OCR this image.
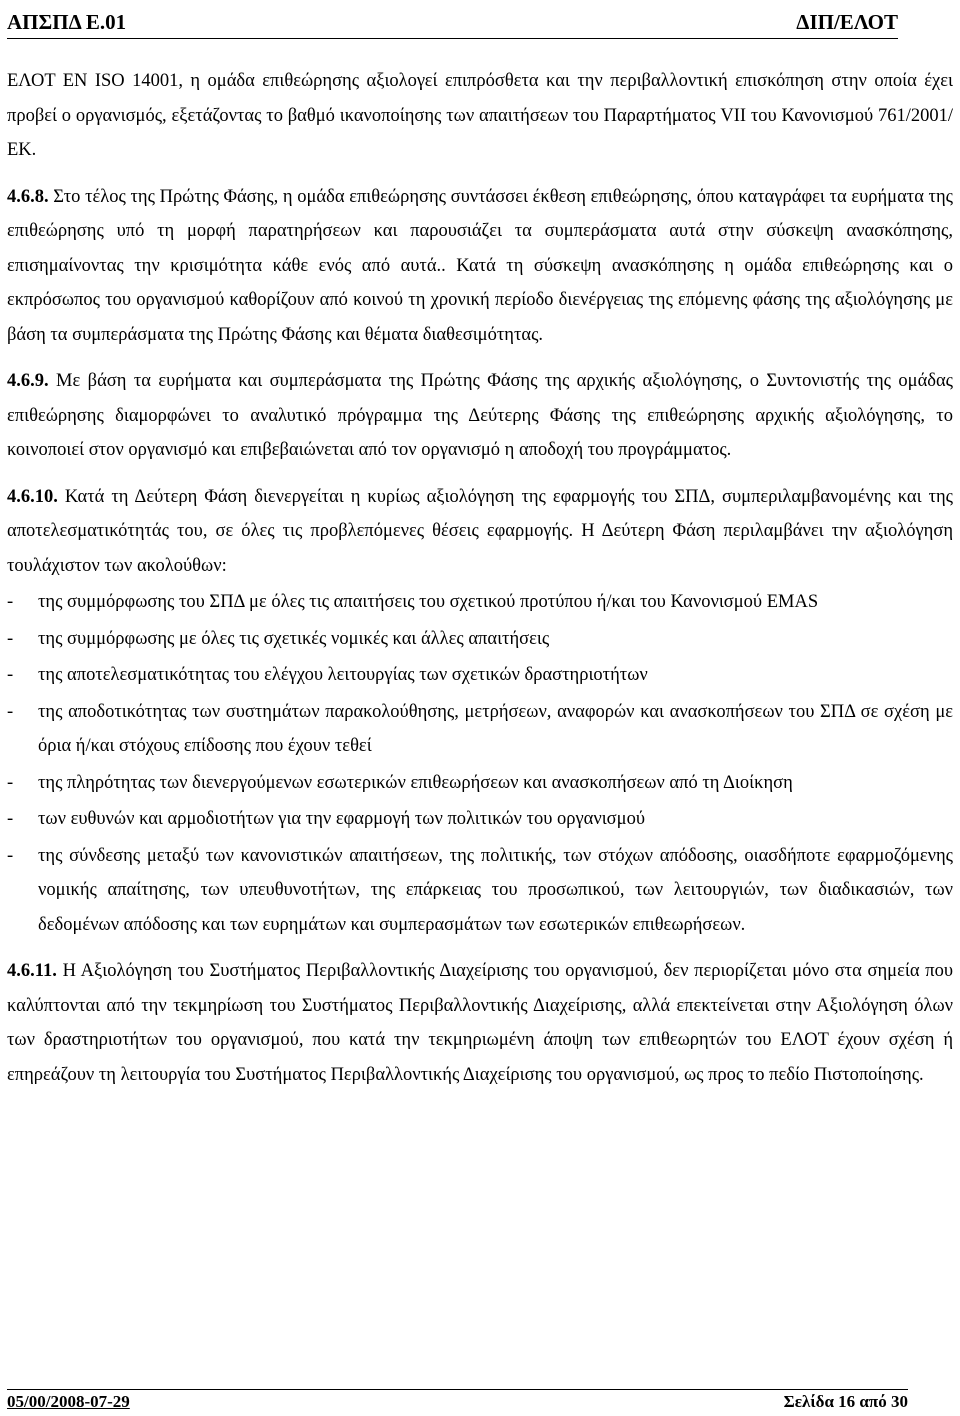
ΑΠΣΠΔ Ε.01	ΔΙΠ/ΕΛΟΤ

ΕΛΟΤ EN ISO 14001, η ομάδα επιθεώρησης αξιολογεί επιπρόσθετα και την περιβαλλοντική επισκόπηση στην οποία έχει προβεί ο οργανισμός, εξετάζοντας το βαθμό ικανοποίησης των απαιτήσεων του Παραρτήματος VII του Κανονισμού 761/2001/ΕΚ.

4.6.8. Στο τέλος της Πρώτης Φάσης, η ομάδα επιθεώρησης συντάσσει έκθεση επιθεώρησης, όπου καταγράφει τα ευρήματα της επιθεώρησης υπό τη μορφή παρατηρήσεων και παρουσιάζει τα συμπεράσματα αυτά στην σύσκεψη ανασκόπησης, επισημαίνοντας την κρισιμότητα κάθε ενός από αυτά.. Κατά τη σύσκεψη ανασκόπησης η ομάδα επιθεώρησης και ο εκπρόσωπος του οργανισμού καθορίζουν από κοινού τη χρονική περίοδο διενέργειας της επόμενης φάσης της αξιολόγησης με βάση τα συμπεράσματα της Πρώτης Φάσης και θέματα διαθεσιμότητας.

4.6.9. Με βάση τα ευρήματα και συμπεράσματα της Πρώτης Φάσης της αρχικής αξιολόγησης, ο Συντονιστής της ομάδας επιθεώρησης διαμορφώνει το αναλυτικό πρόγραμμα της Δεύτερης Φάσης της επιθεώρησης αρχικής αξιολόγησης, το κοινοποιεί στον οργανισμό και επιβεβαιώνεται από τον οργανισμό η αποδοχή του προγράμματος.

4.6.10. Κατά τη Δεύτερη Φάση διενεργείται η κυρίως αξιολόγηση της εφαρμογής του ΣΠΔ, συμπεριλαμβανομένης και της αποτελεσματικότητάς του, σε όλες τις προβλεπόμενες θέσεις εφαρμογής. Η Δεύτερη Φάση περιλαμβάνει την αξιολόγηση τουλάχιστον των ακολούθων:

- της συμμόρφωσης του ΣΠΔ με όλες τις απαιτήσεις του σχετικού προτύπου ή/και του Κανονισμού EMAS
- της συμμόρφωσης με όλες τις σχετικές νομικές και άλλες απαιτήσεις
- της αποτελεσματικότητας του ελέγχου λειτουργίας των σχετικών δραστηριοτήτων
- της αποδοτικότητας των συστημάτων παρακολούθησης, μετρήσεων, αναφορών και ανασκοπήσεων του ΣΠΔ σε σχέση με όρια ή/και στόχους επίδοσης που έχουν τεθεί
- της πληρότητας των διενεργούμενων εσωτερικών επιθεωρήσεων και ανασκοπήσεων από τη Διοίκηση
- των ευθυνών και αρμοδιοτήτων για την εφαρμογή των πολιτικών του οργανισμού
- της σύνδεσης μεταξύ των κανονιστικών απαιτήσεων, της πολιτικής, των στόχων απόδοσης, οιασδήποτε εφαρμοζόμενης νομικής απαίτησης, των υπευθυνοτήτων, της επάρκειας του προσωπικού, των λειτουργιών, των διαδικασιών, των δεδομένων απόδοσης και των ευρημάτων και συμπερασμάτων των εσωτερικών επιθεωρήσεων.

4.6.11. Η Αξιολόγηση του Συστήματος Περιβαλλοντικής Διαχείρισης του οργανισμού, δεν περιορίζεται μόνο στα σημεία που καλύπτονται από την τεκμηρίωση του Συστήματος Περιβαλλοντικής Διαχείρισης, αλλά επεκτείνεται στην Αξιολόγηση όλων των δραστηριοτήτων του οργανισμού, που κατά την τεκμηριωμένη άποψη των επιθεωρητών του ΕΛΟΤ έχουν σχέση ή επηρεάζουν τη λειτουργία του Συστήματος Περιβαλλοντικής Διαχείρισης του οργανισμού, ως προς το πεδίο Πιστοποίησης.

05/00/2008-07-29	Σελίδα 16 από 30
